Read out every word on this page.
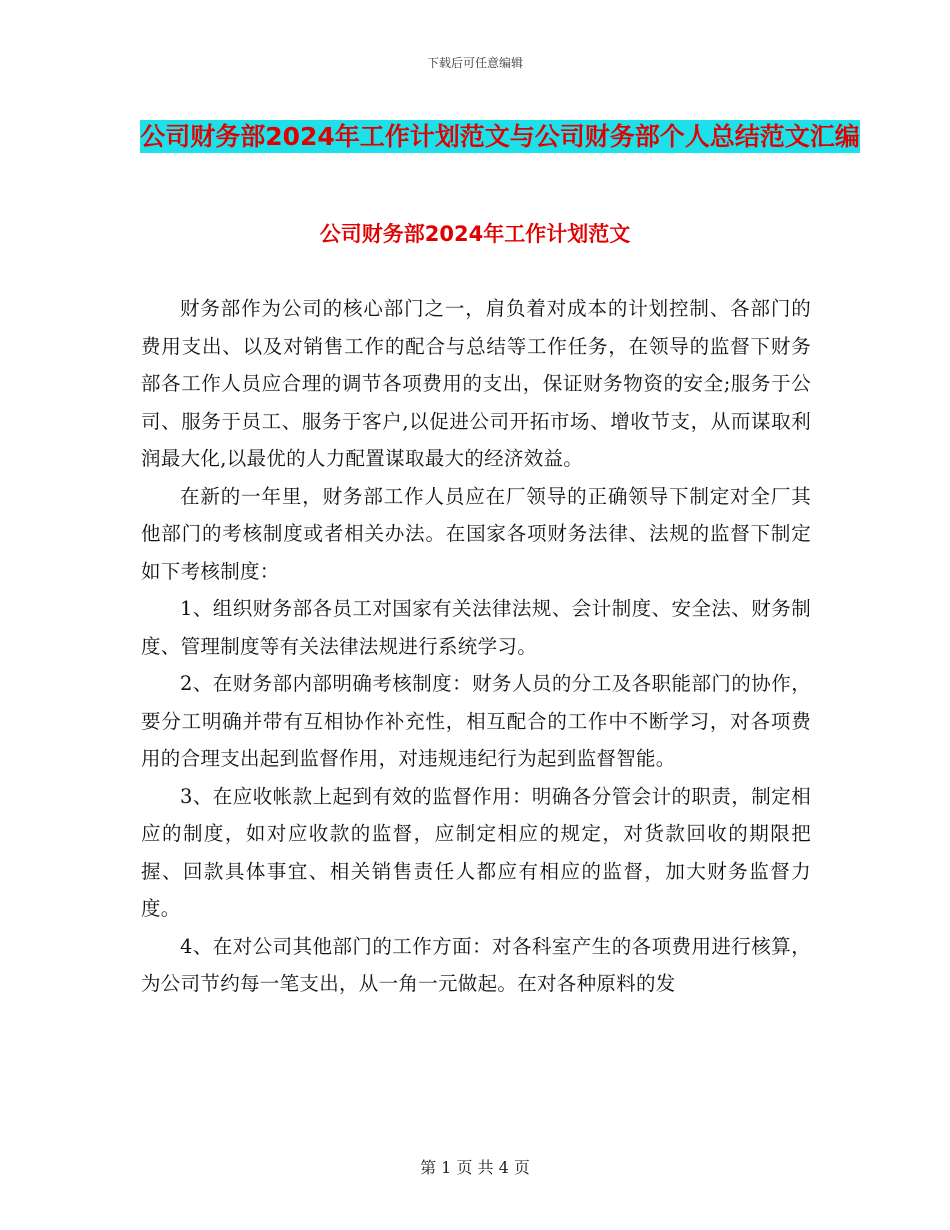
下载后可任意编辑
公司财务部2024年工作计划范文与公司财务部个人总结范文汇编
公司财务部2024年工作计划范文

财务部作为公司的核心部门之一，肩负着对成本的计划控制、各部门的费用支出、以及对销售工作的配合与总结等工作任务，在领导的监督下财务部各工作人员应合理的调节各项费用的支出，保证财务物资的安全;服务于公司、服务于员工、服务于客户,以促进公司开拓市场、增收节支，从而谋取利润最大化,以最优的人力配置谋取最大的经济效益。

在新的一年里，财务部工作人员应在厂领导的正确领导下制定对全厂其他部门的考核制度或者相关办法。在国家各项财务法律、法规的监督下制定如下考核制度：

1、组织财务部各员工对国家有关法律法规、会计制度、安全法、财务制度、管理制度等有关法律法规进行系统学习。

2、在财务部内部明确考核制度：财务人员的分工及各职能部门的协作，要分工明确并带有互相协作补充性，相互配合的工作中不断学习，对各项费用的合理支出起到监督作用，对违规违纪行为起到监督智能。

3、在应收帐款上起到有效的监督作用：明确各分管会计的职责，制定相应的制度，如对应收款的监督，应制定相应的规定，对货款回收的期限把握、回款具体事宜、相关销售责任人都应有相应的监督，加大财务监督力度。

4、在对公司其他部门的工作方面：对各科室产生的各项费用进行核算，为公司节约每一笔支出，从一角一元做起。在对各种原料的发

第 1 页 共 4 页
